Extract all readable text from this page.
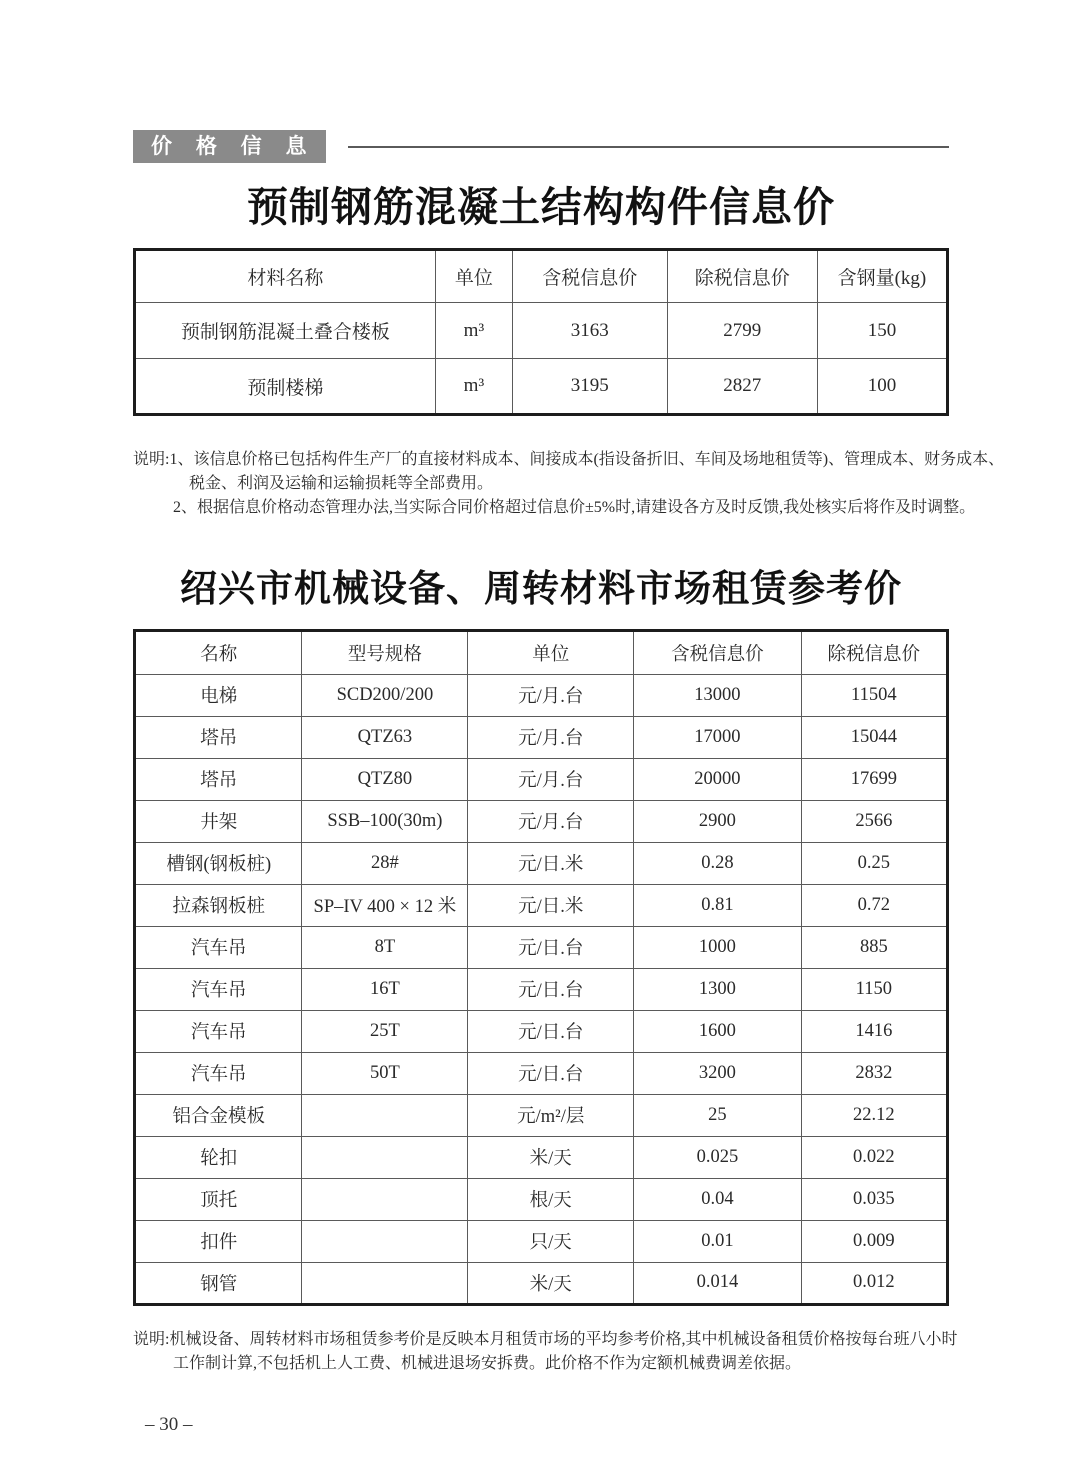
价 格 信 息
预制钢筋混凝土结构构件信息价
材料名称	单位	含税信息价	除税信息价	含钢量(kg)
预制钢筋混凝土叠合楼板	m³	3163	2799	150
预制楼梯	m³	3195	2827	100
说明:1、该信息价格已包括构件生产厂的直接材料成本、间接成本(指设备折旧、车间及场地租赁等)、管理成本、财务成本、
税金、利润及运输和运输损耗等全部费用。
2、根据信息价格动态管理办法,当实际合同价格超过信息价±5%时,请建设各方及时反馈,我处核实后将作及时调整。
绍兴市机械设备、周转材料市场租赁参考价
名称	型号规格	单位	含税信息价	除税信息价
电梯	SCD200/200	元/月.台	13000	11504
塔吊	QTZ63	元/月.台	17000	15044
塔吊	QTZ80	元/月.台	20000	17699
井架	SSB–100(30m)	元/月.台	2900	2566
槽钢(钢板桩)	28#	元/日.米	0.28	0.25
拉森钢板桩	SP–IV 400 × 12 米	元/日.米	0.81	0.72
汽车吊	8T	元/日.台	1000	885
汽车吊	16T	元/日.台	1300	1150
汽车吊	25T	元/日.台	1600	1416
汽车吊	50T	元/日.台	3200	2832
铝合金模板		元/m²/层	25	22.12
轮扣		米/天	0.025	0.022
顶托		根/天	0.04	0.035
扣件		只/天	0.01	0.009
钢管		米/天	0.014	0.012
说明:机械设备、周转材料市场租赁参考价是反映本月租赁市场的平均参考价格,其中机械设备租赁价格按每台班八小时
工作制计算,不包括机上人工费、机械进退场安拆费。此价格不作为定额机械费调差依据。
– 30 –
